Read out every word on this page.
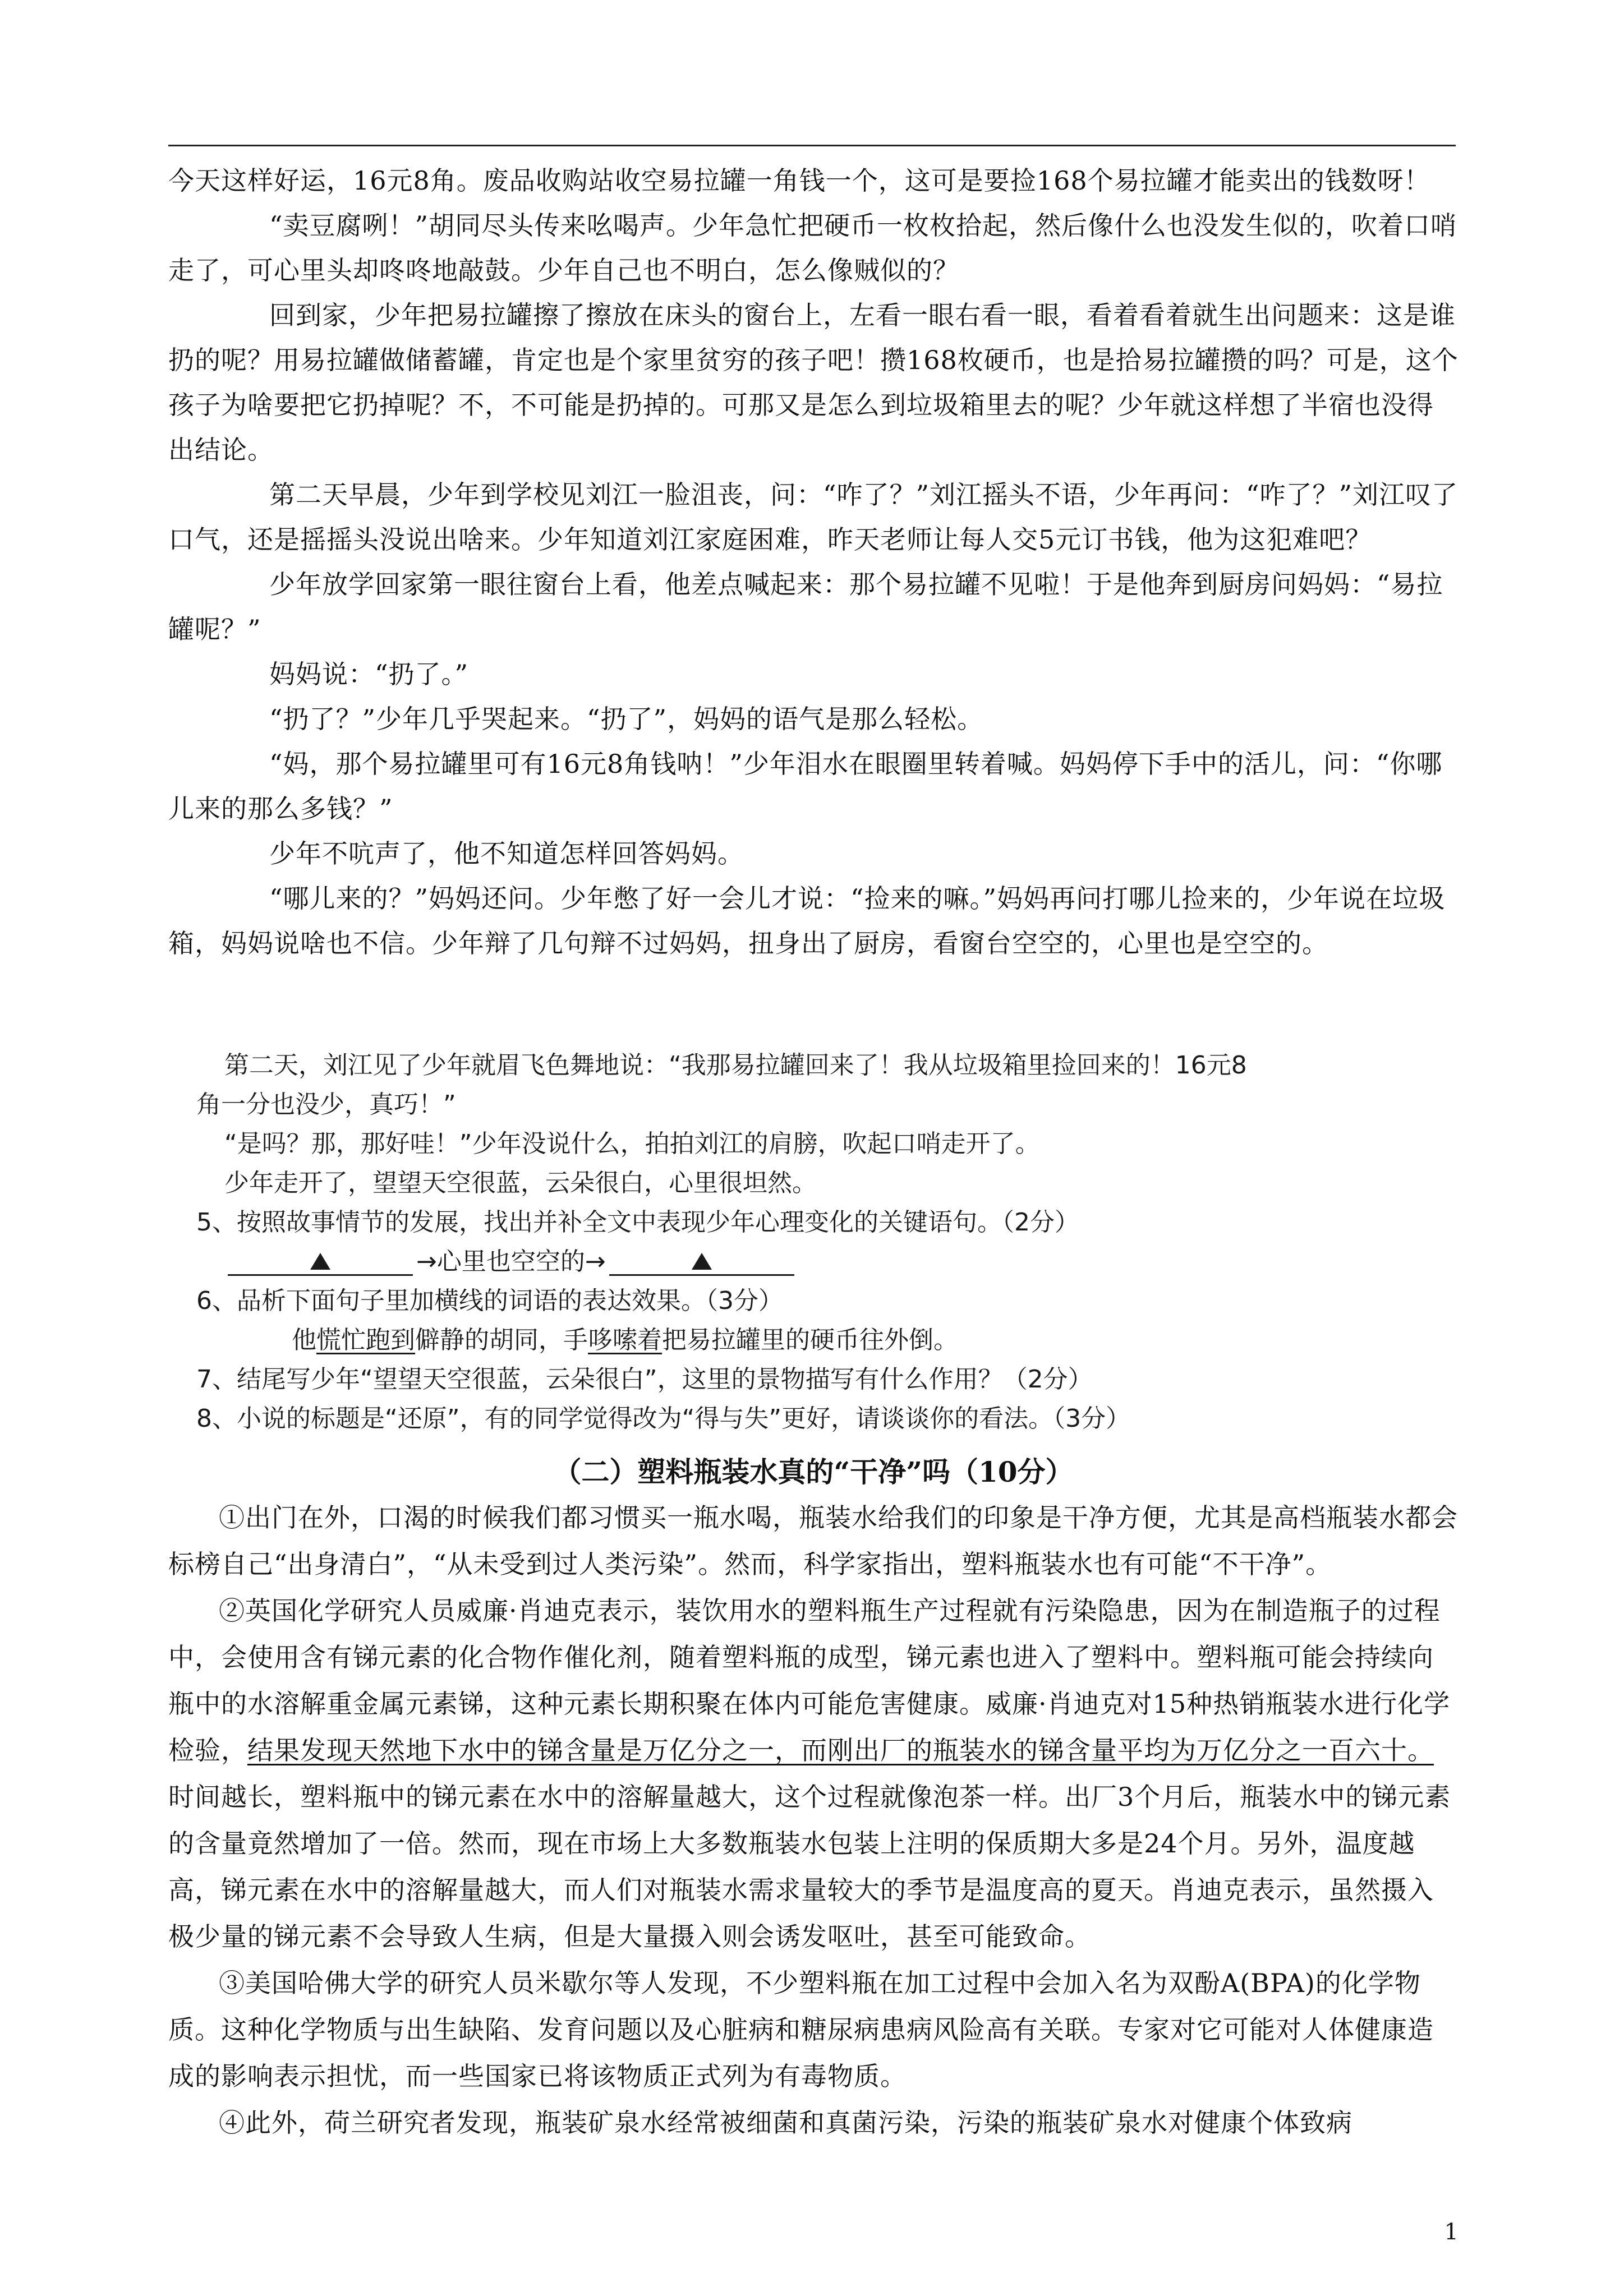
今天这样好运，16元8角。废品收购站收空易拉罐一角钱一个，这可是要捡168个易拉罐才能卖出的钱数呀！

“卖豆腐咧！”胡同尽头传来吆喝声。少年急忙把硬币一枚枚拾起，然后像什么也没发生似的，吹着口哨走了，可心里头却咚咚地敲鼓。少年自己也不明白，怎么像贼似的？

回到家，少年把易拉罐擦了擦放在床头的窗台上，左看一眼右看一眼，看着看着就生出问题来：这是谁扔的呢？用易拉罐做储蓄罐，肯定也是个家里贫穷的孩子吧！攒168枚硬币，也是拾易拉罐攒的吗？可是，这个孩子为啥要把它扔掉呢？不，不可能是扔掉的。可那又是怎么到垃圾箱里去的呢？少年就这样想了半宿也没得出结论。

第二天早晨，少年到学校见刘江一脸沮丧，问：“咋了？”刘江摇头不语，少年再问：“咋了？”刘江叹了口气，还是摇摇头没说出啥来。少年知道刘江家庭困难，昨天老师让每人交5元订书钱，他为这犯难吧？

少年放学回家第一眼往窗台上看，他差点喊起来：那个易拉罐不见啦！于是他奔到厨房问妈妈：“易拉罐呢？”

妈妈说：“扔了。”

“扔了？”少年几乎哭起来。“扔了”，妈妈的语气是那么轻松。

“妈，那个易拉罐里可有16元8角钱呐！”少年泪水在眼圈里转着喊。妈妈停下手中的活儿，问：“你哪儿来的那么多钱？”

少年不吭声了，他不知道怎样回答妈妈。

“哪儿来的？”妈妈还问。少年憋了好一会儿才说：“捡来的嘛。”妈妈再问打哪儿捡来的，少年说在垃圾箱，妈妈说啥也不信。少年辩了几句辩不过妈妈，扭身出了厨房，看窗台空空的，心里也是空空的。

第二天，刘江见了少年就眉飞色舞地说：“我那易拉罐回来了！我从垃圾箱里捡回来的！16元8

角一分也没少，真巧！”

“是吗？那，那好哇！”少年没说什么，拍拍刘江的肩膀，吹起口哨走开了。

少年走开了，望望天空很蓝，云朵很白，心里很坦然。

5、按照故事情节的发展，找出并补全文中表现少年心理变化的关键语句。（2分）

→心里也空空的→

6、品析下面句子里加横线的词语的表达效果。（3分）

他慌忙跑到僻静的胡同，手哆嗦着把易拉罐里的硬币往外倒。

7、结尾写少年“望望天空很蓝，云朵很白”，这里的景物描写有什么作用？（2分）

8、小说的标题是“还原”，有的同学觉得改为“得与失”更好，请谈谈你的看法。（3分）

（二）塑料瓶装水真的“干净”吗（10分）

①出门在外，口渴的时候我们都习惯买一瓶水喝，瓶装水给我们的印象是干净方便，尤其是高档瓶装水都会标榜自己“出身清白”，“从未受到过人类污染”。然而，科学家指出，塑料瓶装水也有可能“不干净”。

②英国化学研究人员威廉·肖迪克表示，装饮用水的塑料瓶生产过程就有污染隐患，因为在制造瓶子的过程中，会使用含有锑元素的化合物作催化剂，随着塑料瓶的成型，锑元素也进入了塑料中。塑料瓶可能会持续向瓶中的水溶解重金属元素锑，这种元素长期积聚在体内可能危害健康。威廉·肖迪克对15种热销瓶装水进行化学检验，结果发现天然地下水中的锑含量是万亿分之一，而刚出厂的瓶装水的锑含量平均为万亿分之一百六十。时间越长，塑料瓶中的锑元素在水中的溶解量越大，这个过程就像泡茶一样。出厂3个月后，瓶装水中的锑元素的含量竟然增加了一倍。然而，现在市场上大多数瓶装水包装上注明的保质期大多是24个月。另外，温度越高，锑元素在水中的溶解量越大，而人们对瓶装水需求量较大的季节是温度高的夏天。肖迪克表示，虽然摄入极少量的锑元素不会导致人生病，但是大量摄入则会诱发呕吐，甚至可能致命。

③美国哈佛大学的研究人员米歇尔等人发现，不少塑料瓶在加工过程中会加入名为双酚A(BPA)的化学物质。这种化学物质与出生缺陷、发育问题以及心脏病和糖尿病患病风险高有关联。专家对它可能对人体健康造成的影响表示担忧，而一些国家已将该物质正式列为有毒物质。

④此外，荷兰研究者发现，瓶装矿泉水经常被细菌和真菌污染，污染的瓶装矿泉水对健康个体致病

1
